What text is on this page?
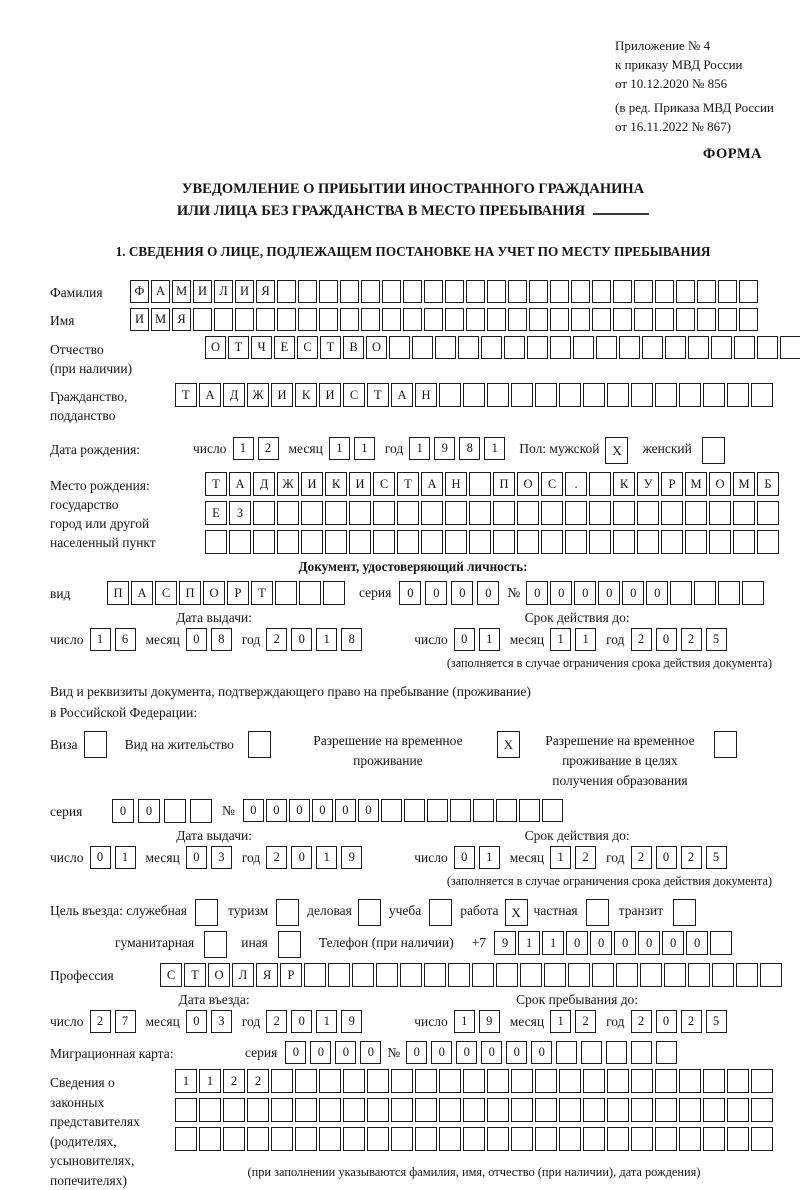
Приложение № 4
к приказу МВД России
от 10.12.2020 № 856
(в ред. Приказа МВД России
от 16.11.2022 № 867)
ФОРМА
УВЕДОМЛЕНИЕ О ПРИБЫТИИ ИНОСТРАННОГО ГРАЖДАНИНА
ИЛИ ЛИЦА БЕЗ ГРАЖДАНСТВА В МЕСТО ПРЕБЫВАНИЯ
1. СВЕДЕНИЯ О ЛИЦЕ, ПОДЛЕЖАЩЕМ ПОСТАНОВКЕ НА УЧЕТ ПО МЕСТУ ПРЕБЫВАНИЯ
Фамилия	Ф А М И Л И Я
Имя	И М Я
Отчество
(при наличии)
О	Т	Ч	Е	С	Т	В	О
Гражданство,
подданство
Т	А	Д	Ж	И	К	И	С	Т	А	Н
Дата рождения:	число	1	2	месяц	1	1	год	1	9	8	1	Пол: мужской X	женский
Место рождения:
государство
город или другой
населенный пункт
Т	А	Д	Ж	И	К	И	С	Т	А	Н	П	О	С	.	К	У	Р	М	О	М	Б
Е	З
Документ, удостоверяющий личность:
вид	П	А	С	П	О	Р	Т	серия	0	0	0	0	№	0	0	0	0	0	0
Дата выдачи:	Срок действия до:
число	1	6	месяц	0	8	год	2	0	1	8	число	0	1	месяц	1	1	год	2	0	2	5
(заполняется в случае ограничения срока действия документа)
Вид и реквизиты документа, подтверждающего право на пребывание (проживание)
в Российской Федерации:
Виза	Вид на жительство	Разрешение на временное
проживание
X	Разрешение на временное
проживание в целях
получения образования
серия	0	0	№	0	0	0	0	0	0
Дата выдачи:	Срок действия до:
число	0	1	месяц	0	3	год	2	0	1	9	число	0	1	месяц	1	2	год	2	0	2	5
(заполняется в случае ограничения срока действия документа)
Цель въезда: служебная	туризм	деловая	учеба	работа X частная	транзит
гуманитарная	иная	Телефон (при наличии) +7	9	1	1	0	0	0	0	0	0
Профессия	С	Т	О	Л	Я	Р
Дата въезда:	Срок пребывания до:
число	2	7	месяц	0	3	год	2	0	1	9	число	1	9	месяц	1	2	год	2	0	2	5
Миграционная карта:	серия	0	0	0	0 №	0	0	0	0	0	0
Сведения о
законных
представителях
(родителях,
усыновителях,
попечителях)
1	1	2	2
(при заполнении указываются фамилия, имя, отчество (при наличии), дата рождения)
